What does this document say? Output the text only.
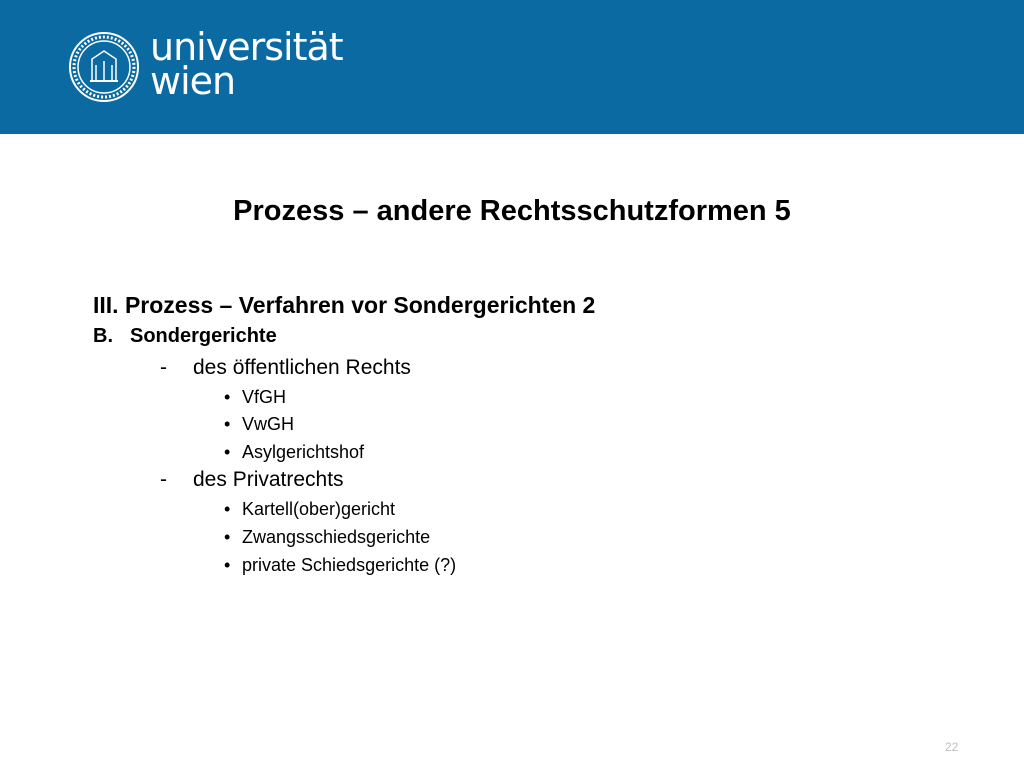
universität
wien
Prozess – andere Rechtsschutzformen 5
III. Prozess – Verfahren vor Sondergerichten 2
B. Sondergerichte
- des öffentlichen Rechts
• VfGH
• VwGH
• Asylgerichtshof
- des Privatrechts
• Kartell(ober)gericht
• Zwangsschiedsgerichte
• private Schiedsgerichte (?)
22
